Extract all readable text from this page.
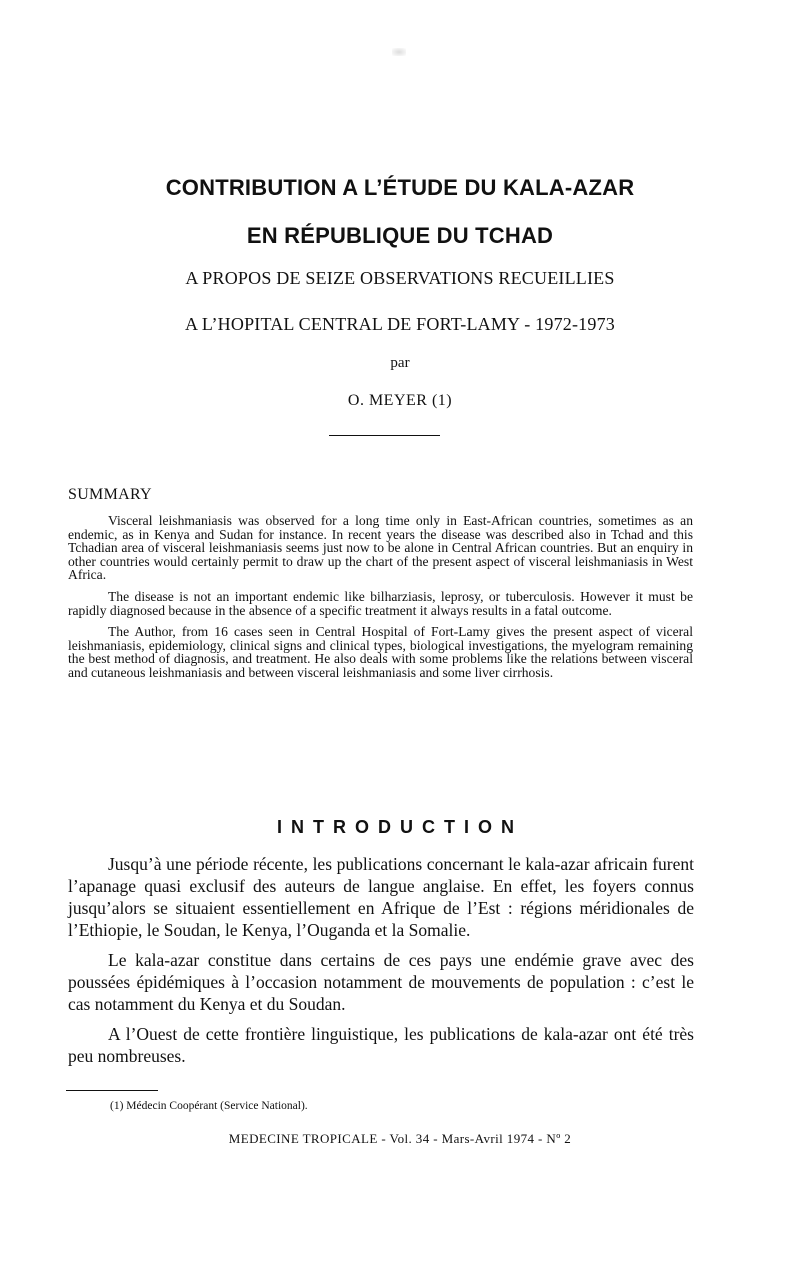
CONTRIBUTION A L’ÉTUDE DU KALA-AZAR
EN RÉPUBLIQUE DU TCHAD
A PROPOS DE SEIZE OBSERVATIONS RECUEILLIES
A L’HOPITAL CENTRAL DE FORT-LAMY - 1972-1973
par
O. MEYER (1)
SUMMARY

Visceral leishmaniasis was observed for a long time only in East-African countries, sometimes as an endemic, as in Kenya and Sudan for instance. In recent years the disease was described also in Tchad and this Tchadian area of visceral leishmaniasis seems just now to be alone in Central African countries. But an enquiry in other countries would certainly permit to draw up the chart of the present aspect of visceral leishmaniasis in West Africa.

The disease is not an important endemic like bilharziasis, leprosy, or tuberculosis. However it must be rapidly diagnosed because in the absence of a specific treatment it always results in a fatal outcome.

The Author, from 16 cases seen in Central Hospital of Fort-Lamy gives the present aspect of viceral leishmaniasis, epidemiology, clinical signs and clinical types, biological investigations, the myelogram remaining the best method of diagnosis, and treatment. He also deals with some problems like the relations between visceral and cutaneous leishmaniasis and between visceral leishmaniasis and some liver cirrhosis.

INTRODUCTION

Jusqu’à une période récente, les publications concernant le kala-azar africain furent l’apanage quasi exclusif des auteurs de langue anglaise. En effet, les foyers connus jusqu’alors se situaient essentiellement en Afrique de l’Est : régions méridionales de l’Ethiopie, le Soudan, le Kenya, l’Ouganda et la Somalie.

Le kala-azar constitue dans certains de ces pays une endémie grave avec des poussées épidémiques à l’occasion notamment de mouvements de population : c’est le cas notamment du Kenya et du Soudan.

A l’Ouest de cette frontière linguistique, les publications de kala-azar ont été très peu nombreuses.

(1) Médecin Coopérant (Service National).
MEDECINE TROPICALE - Vol. 34 - Mars-Avril 1974 - Nº 2
